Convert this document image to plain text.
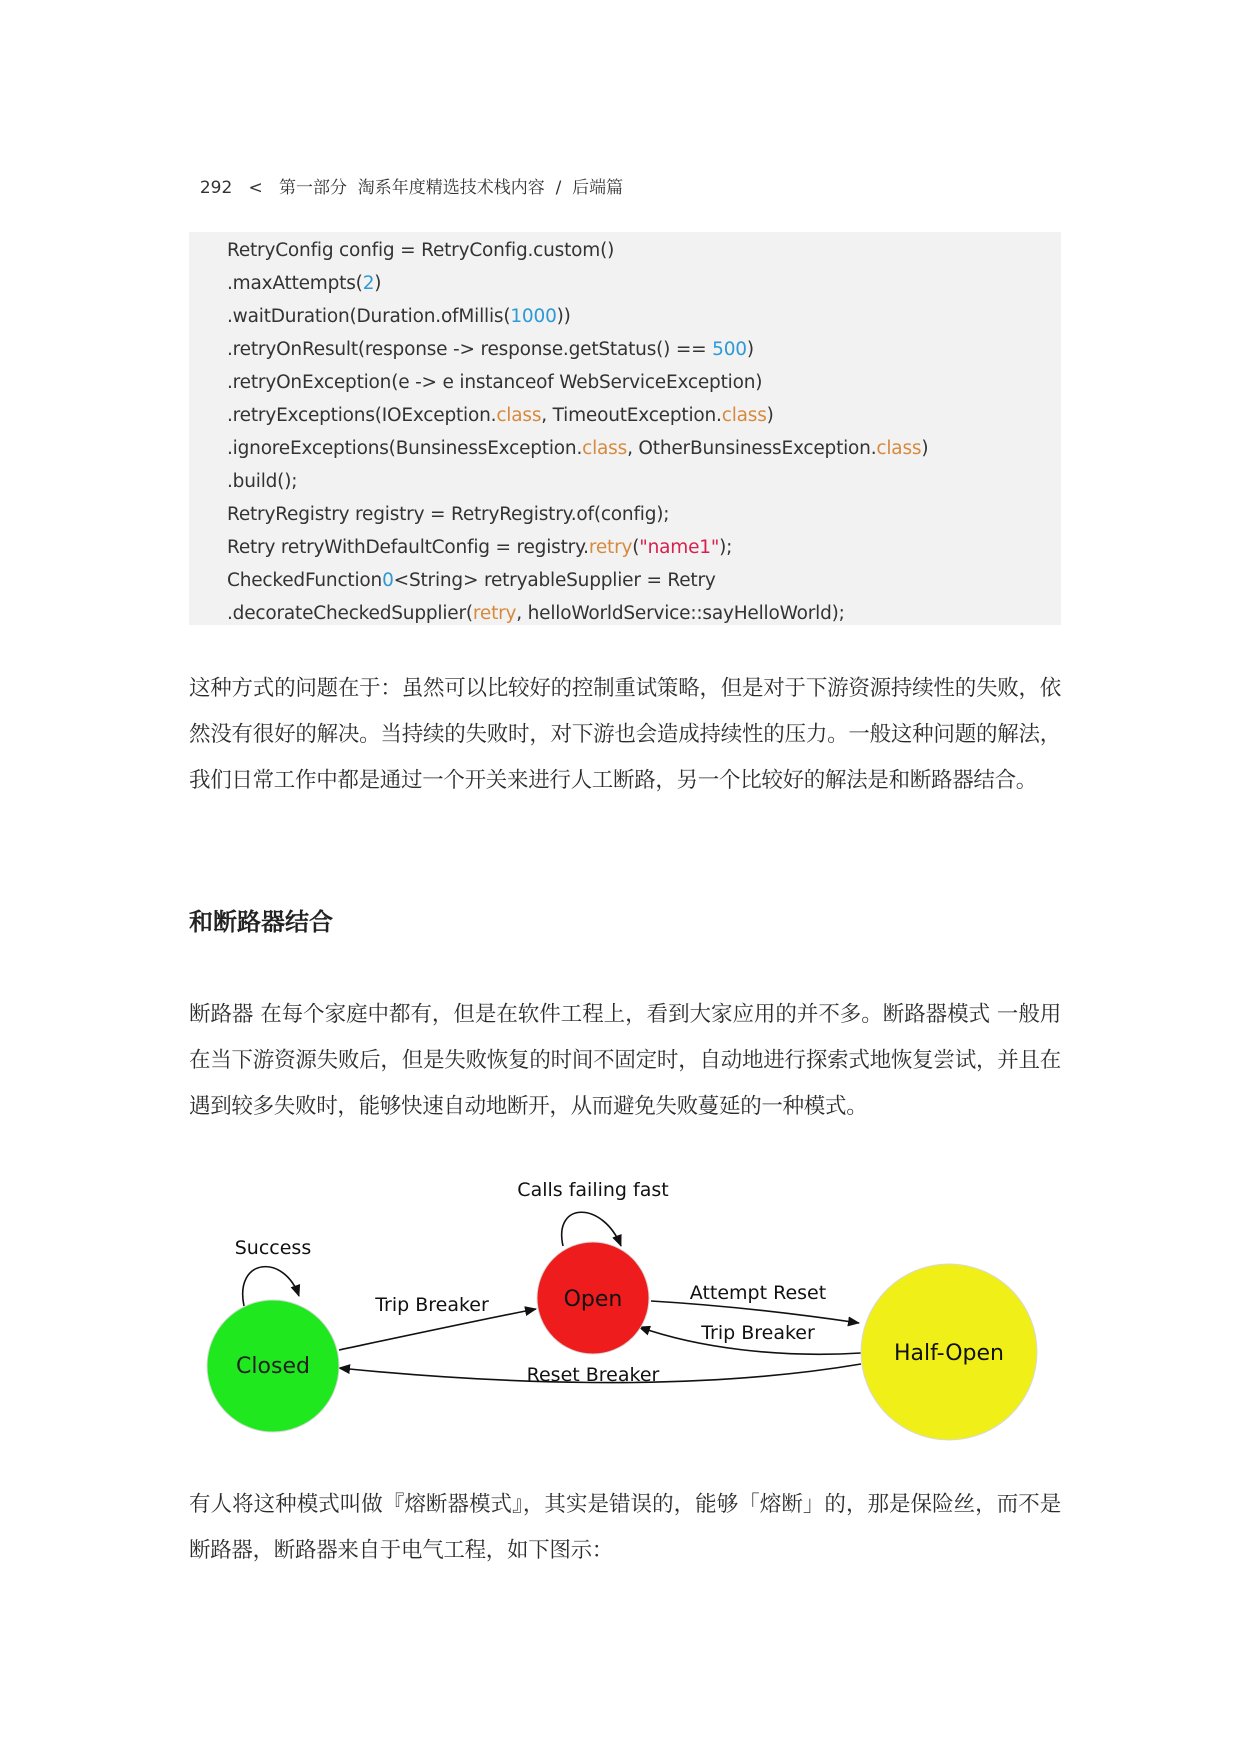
292 < 第一部分  淘系年度精选技术栈内容 / 后端篇

RetryConfig config = RetryConfig.custom()
.maxAttempts(2)
.waitDuration(Duration.ofMillis(1000))
.retryOnResult(response -> response.getStatus() == 500)
.retryOnException(e -> e instanceof WebServiceException)
.retryExceptions(IOException.class, TimeoutException.class)
.ignoreExceptions(BunsinessException.class, OtherBunsinessException.class)
.build();
RetryRegistry registry = RetryRegistry.of(config);
Retry retryWithDefaultConfig = registry.retry("name1");
CheckedFunction0<String> retryableSupplier = Retry
.decorateCheckedSupplier(retry, helloWorldService::sayHelloWorld);
这种方式的问题在于：虽然可以比较好的控制重试策略，但是对于下游资源持续性的失败，依然没有很好的解决。当持续的失败时，对下游也会造成持续性的压力。一般这种问题的解法，我们日常工作中都是通过一个开关来进行人工断路，另一个比较好的解法是和断路器结合。
和断路器结合
断路器 在每个家庭中都有，但是在软件工程上，看到大家应用的并不多。断路器模式 一般用在当下游资源失败后，但是失败恢复的时间不固定时，自动地进行探索式地恢复尝试，并且在遇到较多失败时，能够快速自动地断开，从而避免失败蔓延的一种模式。
Success
Calls failing fast
Trip Breaker
Attempt Reset
Trip Breaker
Reset Breaker
Closed
Open
Half-Open
有人将这种模式叫做『熔断器模式』，其实是错误的，能够「熔断」的，那是保险丝，而不是断路器，断路器来自于电气工程，如下图示：
